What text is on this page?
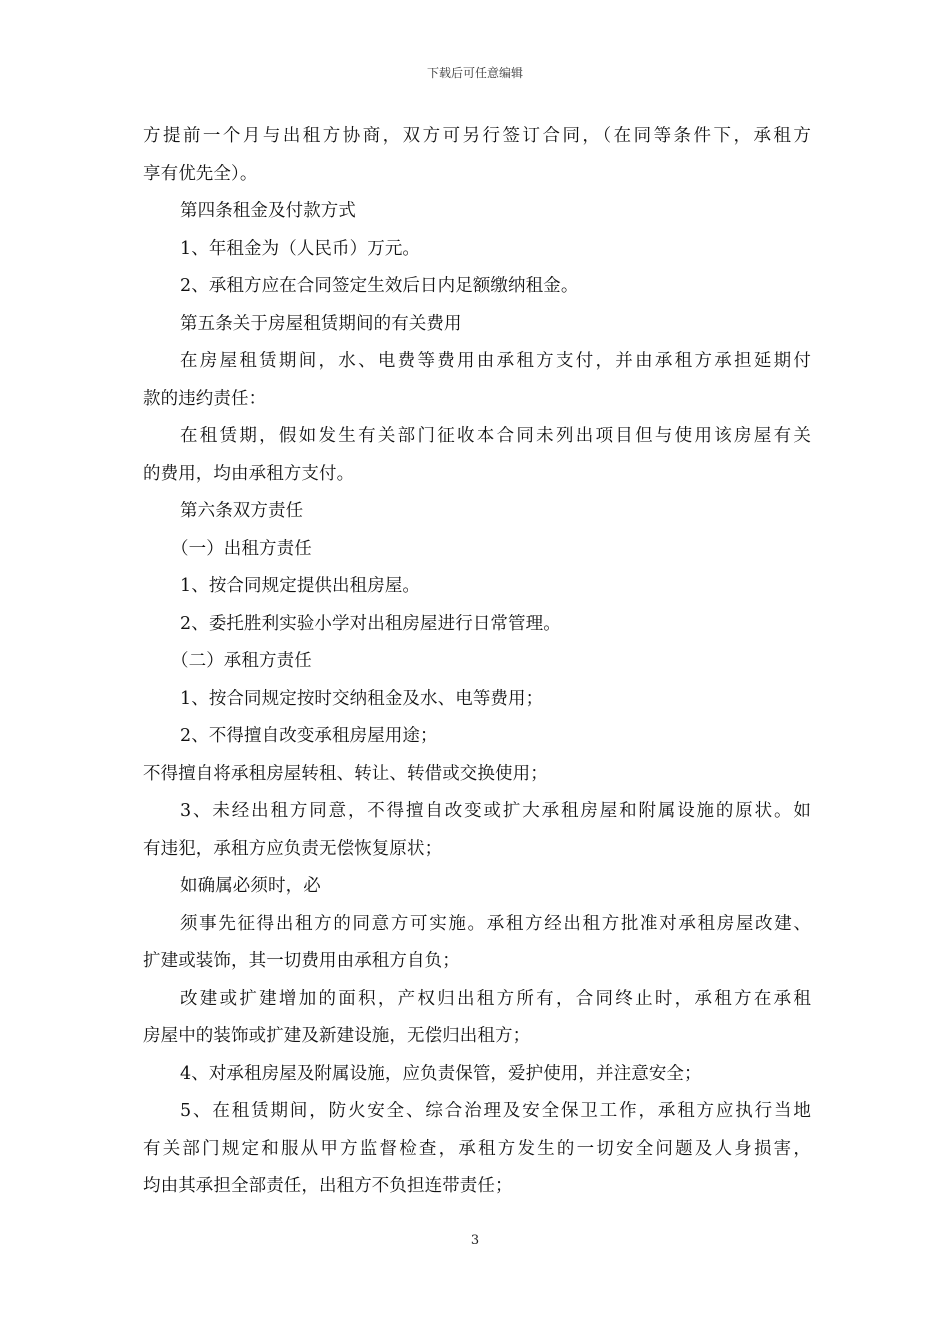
下载后可任意编辑
方提前一个月与出租方协商，双方可另行签订合同，（在同等条件下，承租方
享有优先全）。
第四条租金及付款方式
1、年租金为（人民币）万元。
2、承租方应在合同签定生效后日内足额缴纳租金。
第五条关于房屋租赁期间的有关费用
在房屋租赁期间，水、电费等费用由承租方支付，并由承租方承担延期付
款的违约责任：
在租赁期，假如发生有关部门征收本合同未列出项目但与使用该房屋有关
的费用，均由承租方支付。
第六条双方责任
（一）出租方责任
1、按合同规定提供出租房屋。
2、委托胜利实验小学对出租房屋进行日常管理。
（二）承租方责任
1、按合同规定按时交纳租金及水、电等费用；
2、不得擅自改变承租房屋用途；
不得擅自将承租房屋转租、转让、转借或交换使用；
3、未经出租方同意，不得擅自改变或扩大承租房屋和附属设施的原状。如
有违犯，承租方应负责无偿恢复原状；
如确属必须时，必
须事先征得出租方的同意方可实施。承租方经出租方批准对承租房屋改建、
扩建或装饰，其一切费用由承租方自负；
改建或扩建增加的面积，产权归出租方所有，合同终止时，承租方在承租
房屋中的装饰或扩建及新建设施，无偿归出租方；
4、对承租房屋及附属设施，应负责保管，爱护使用，并注意安全；
5、在租赁期间，防火安全、综合治理及安全保卫工作，承租方应执行当地
有关部门规定和服从甲方监督检查，承租方发生的一切安全问题及人身损害，
均由其承担全部责任，出租方不负担连带责任；
3
